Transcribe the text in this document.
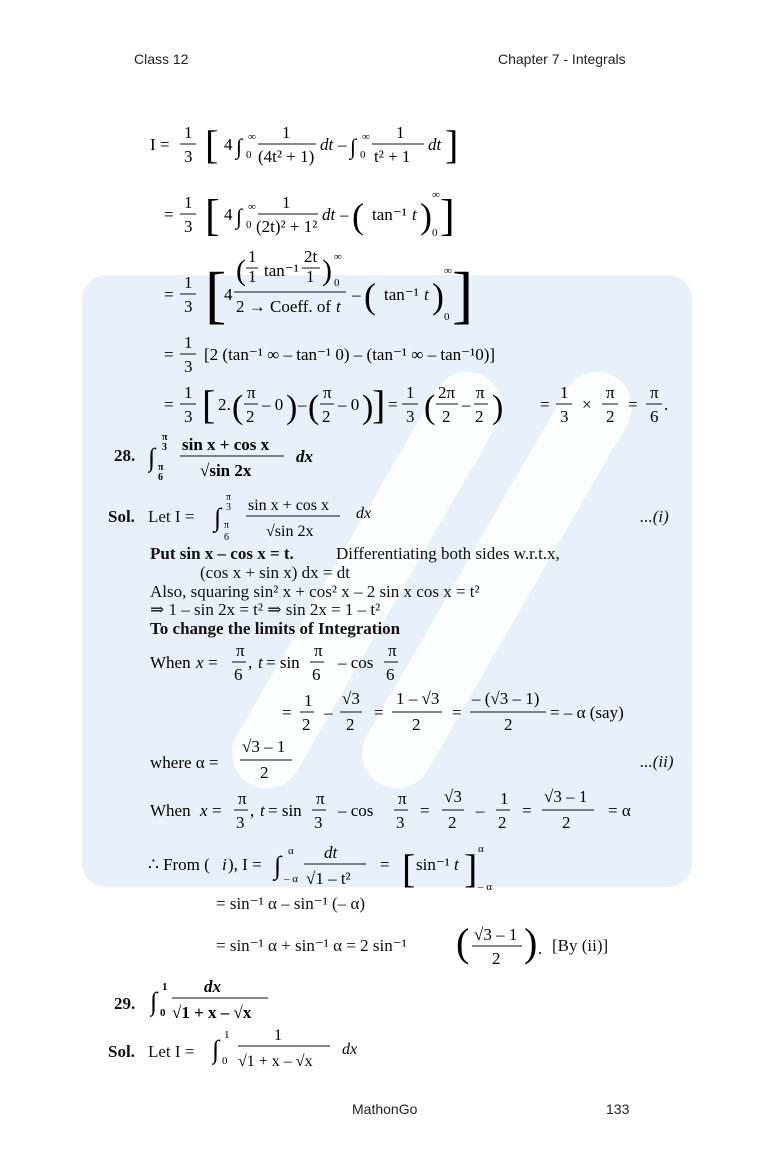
Class 12	Chapter 7 - Integrals
I =
1
3 [ 4 ∫ ∞
0
1
(4t² + 1)
dt – ∫ ∞
0
1
t² + 1
dt ]
=
1
3 [ 4 ∫ ∞
0
1
(2t)² + 1²
dt – ( tan⁻¹ t )
∞
0 ]
=
1
3 [
4
( 1
1 tan⁻¹
2t
1 ) ∞
0
2 → Coeff. of t
– ( tan⁻¹ t )
∞
0 ]
=
1
3
[2 (tan⁻¹ ∞ – tan⁻¹ 0) – (tan⁻¹ ∞ – tan⁻¹0)]
=
1
3 [ 2. ( π
2
– 0 ) – ( π
2
– 0 )
] =
1
3 ( 2π
2
–
π
2 ) =
1
3
×
π
2
=
π
6
.
28. ∫
π
3
π
6
sin x + cos x
√sin 2x
dx
Sol. Let I = ∫
π
3
π
6
sin x + cos x
√sin 2x
dx	...(i)
Put sin x – cos x = t. Differentiating both sides w.r.t.x,
(cos x + sin x) dx = dt
Also, squaring sin² x + cos² x – 2 sin x cos x = t²
⇒ 1 – sin 2x = t² ⇒ sin 2x = 1 – t²
To change the limits of Integration
When x =
π
6
, t = sin
π
6
– cos
π
6
=
1
2
–
√3
2
=
1 – √3
2
=
– (√3 – 1)
2
= – α (say)
where α =
√3 – 1
2
When x =
π
3
, t = sin
π
3
– cos
π
3
=
√3
2
–
1
2
=
√3 – 1
2
= α
...(ii)
∴ From ( i ), I = ∫ α
– α
dt
√1 – t²
= [ sin⁻¹ t ] α
– α
= sin⁻¹ α – sin⁻¹ (– α)
= sin⁻¹ α + sin⁻¹ α = 2 sin⁻¹ ( √3 – 1
2 ) . [By (ii)]
29. ∫ 1
0
dx
√1 + x – √x
Sol. Let I = ∫ 1
0
1
√1 + x – √x
dx
MathonGo	133
